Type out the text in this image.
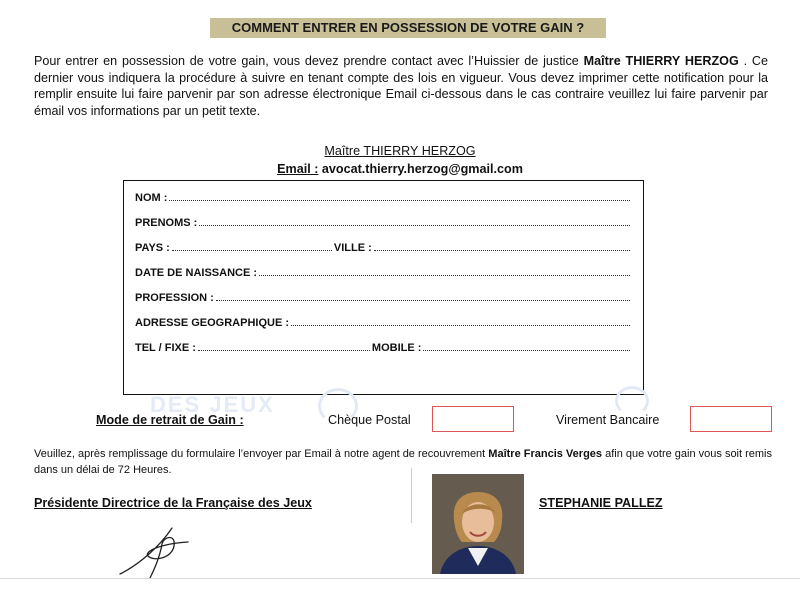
COMMENT ENTRER EN POSSESSION DE VOTRE GAIN ?
Pour entrer en possession de votre gain, vous devez prendre contact avec l’Huissier de justice Maître THIERRY HERZOG . Ce dernier vous indiquera la procédure à suivre en tenant compte des lois en vigueur. Vous devez imprimer cette notification pour la remplir ensuite lui faire parvenir par son adresse électronique Email ci-dessous dans le cas contraire veuillez lui faire parvenir par émail vos informations par un petit texte.
Maître THIERRY HERZOG
Email : avocat.thierry.herzog@gmail.com
NOM :
PRENOMS :
PAYS :	VILLE :
DATE DE NAISSANCE :
PROFESSION :
ADRESSE GEOGRAPHIQUE :
TEL / FIXE :	MOBILE :
DES JEUX
Mode de retrait de Gain :	Chèque Postal	Virement Bancaire
Veuillez, après remplissage du formulaire l’envoyer par Email à notre agent de recouvrement Maître Francis Verges afin que votre gain vous soit remis dans un délai de 72 Heures.
Présidente Directrice de la Française des Jeux	STEPHANIE PALLEZ
